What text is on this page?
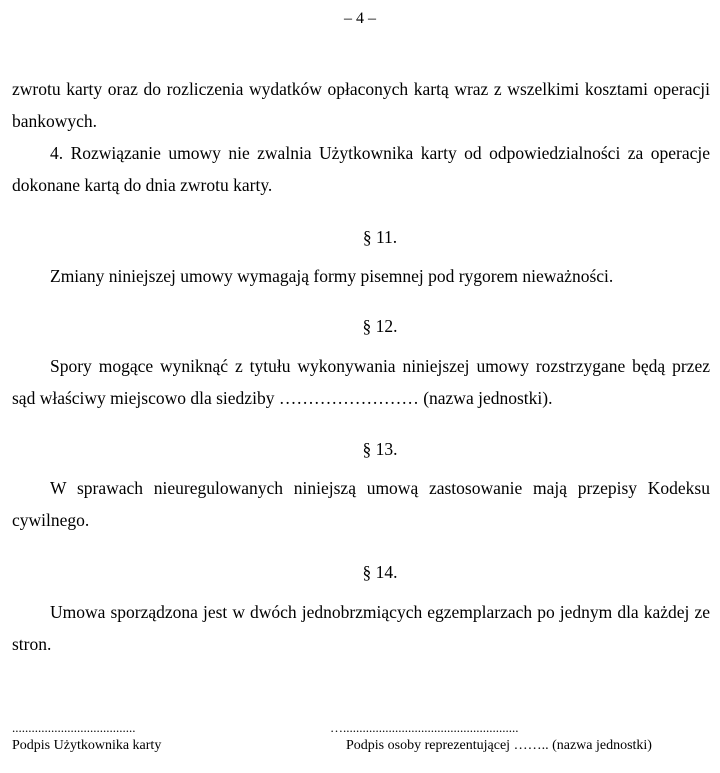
– 4 –

zwrotu karty oraz do rozliczenia wydatków opłaconych kartą wraz z wszelkimi kosztami operacji bankowych.

4. Rozwiązanie umowy nie zwalnia Użytkownika karty od odpowiedzialności za operacje dokonane kartą do dnia zwrotu karty.

§ 11.

Zmiany niniejszej umowy wymagają formy pisemnej pod rygorem nieważności.

§ 12.

Spory mogące wyniknąć z tytułu wykonywania niniejszej umowy rozstrzygane będą przez sąd właściwy miejscowo dla siedziby …………………… (nazwa jednostki).

§ 13.

W sprawach nieuregulowanych niniejszą umową zastosowanie mają przepisy Kodeksu cywilnego.

§ 14.

Umowa sporządzona jest w dwóch jednobrzmiących egzemplarzach po jednym dla każdej ze stron.

......................................
Podpis Użytkownika karty
…......................................................
Podpis osoby reprezentującej …….. (nazwa jednostki)
